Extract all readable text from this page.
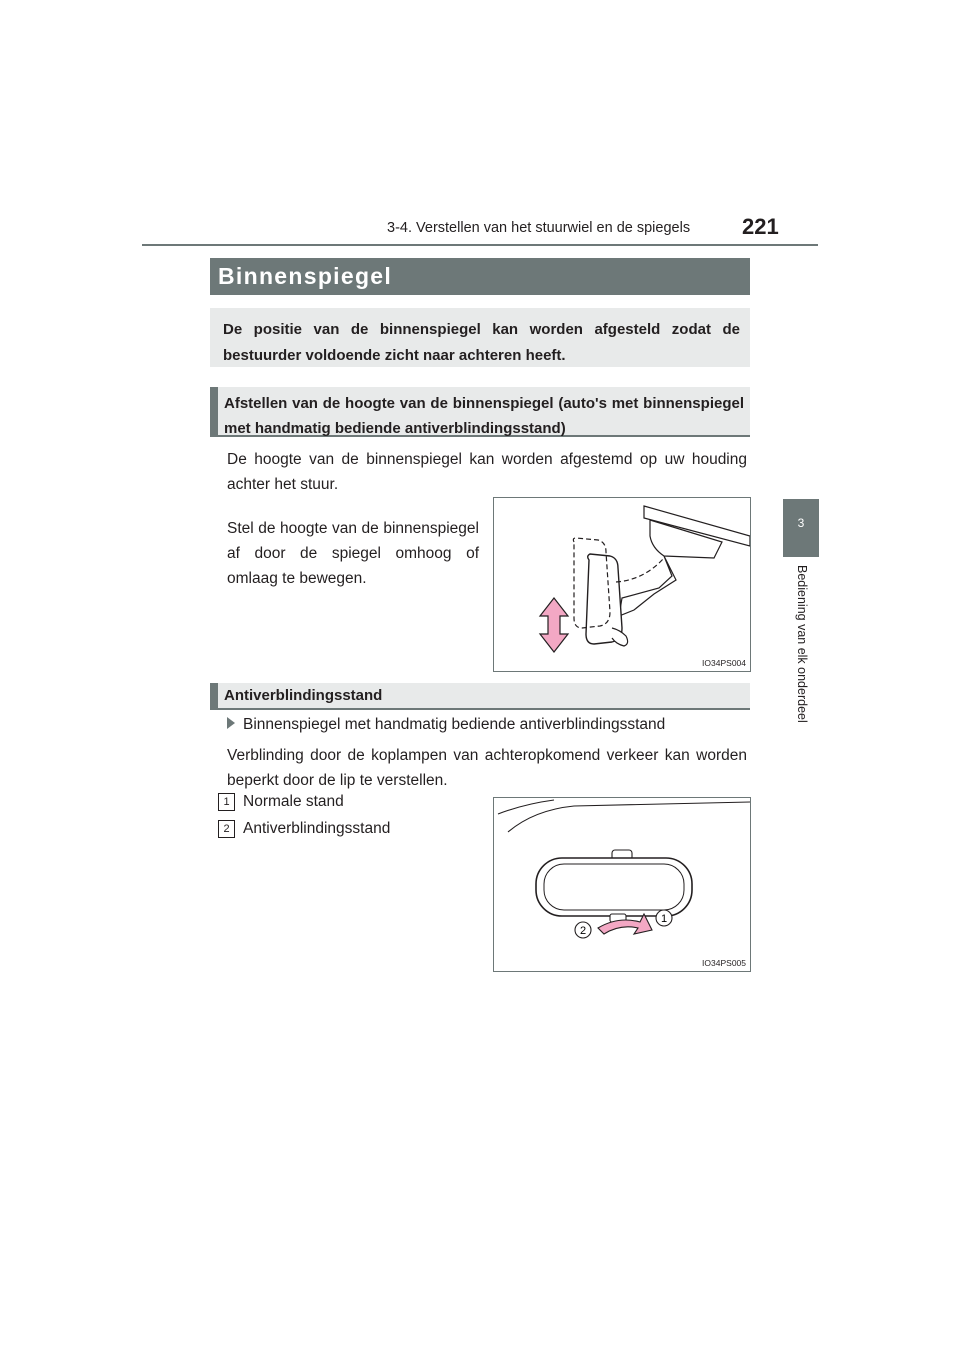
3-4. Verstellen van het stuurwiel en de spiegels 221
3
Bediening van elk onderdeel
Binnenspiegel

De positie van de binnenspiegel kan worden afgesteld zodat de bestuurder voldoende zicht naar achteren heeft.

Afstellen van de hoogte van de binnenspiegel (auto's met binnenspiegel met handmatig bediende antiverblindingsstand)

De hoogte van de binnenspiegel kan worden afgestemd op uw houding achter het stuur.
Stel de hoogte van de binnenspiegel af door de spiegel omhoog of omlaag te bewegen.
IO34PS004

Antiverblindingsstand

Binnenspiegel met handmatig bediende antiverblindingsstand
Verblinding door de koplampen van achteropkomend verkeer kan worden beperkt door de lip te verstellen.
1 Normale stand
2 Antiverblindingsstand
2
1
IO34PS005
